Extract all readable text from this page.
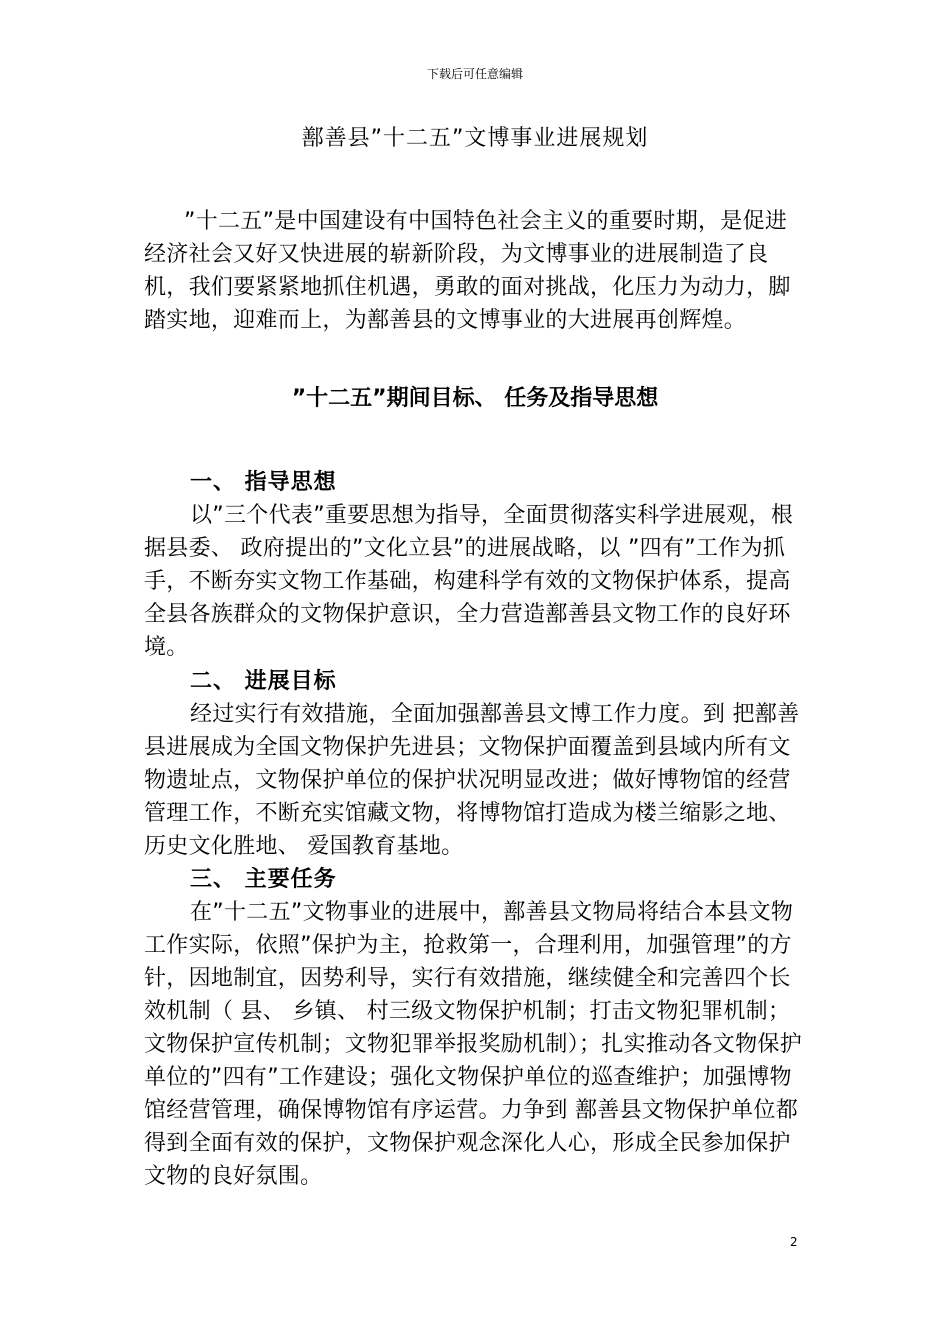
下载后可任意编辑
鄯善县”十二五”文博事业进展规划
”十二五”是中国建设有中国特色社会主义的重要时期，是促进经济社会又好又快进展的崭新阶段，为文博事业的进展制造了良机，我们要紧紧地抓住机遇，勇敢的面对挑战，化压力为动力，脚踏实地，迎难而上，为鄯善县的文博事业的大进展再创辉煌。
”十二五”期间目标、 任务及指导思想
一、 指导思想
以”三个代表”重要思想为指导，全面贯彻落实科学进展观，根据县委、 政府提出的”文化立县”的进展战略，以 ”四有”工作为抓手，不断夯实文物工作基础，构建科学有效的文物保护体系，提高全县各族群众的文物保护意识，全力营造鄯善县文物工作的良好环境。
二、 进展目标
经过实行有效措施，全面加强鄯善县文博工作力度。到 把鄯善县进展成为全国文物保护先进县；文物保护面覆盖到县域内所有文物遗址点，文物保护单位的保护状况明显改进；做好博物馆的经营管理工作，不断充实馆藏文物，将博物馆打造成为楼兰缩影之地、 历史文化胜地、 爱国教育基地。
三、 主要任务
在”十二五”文物事业的进展中，鄯善县文物局将结合本县文物工作实际，依照”保护为主，抢救第一，合理利用，加强管理”的方针，因地制宜，因势利导，实行有效措施，继续健全和完善四个长效机制（ 县、 乡镇、 村三级文物保护机制；打击文物犯罪机制；文物保护宣传机制；文物犯罪举报奖励机制）；扎实推动各文物保护单位的”四有”工作建设；强化文物保护单位的巡查维护；加强博物馆经营管理，确保博物馆有序运营。力争到 鄯善县文物保护单位都得到全面有效的保护，文物保护观念深化人心，形成全民参加保护文物的良好氛围。
2
